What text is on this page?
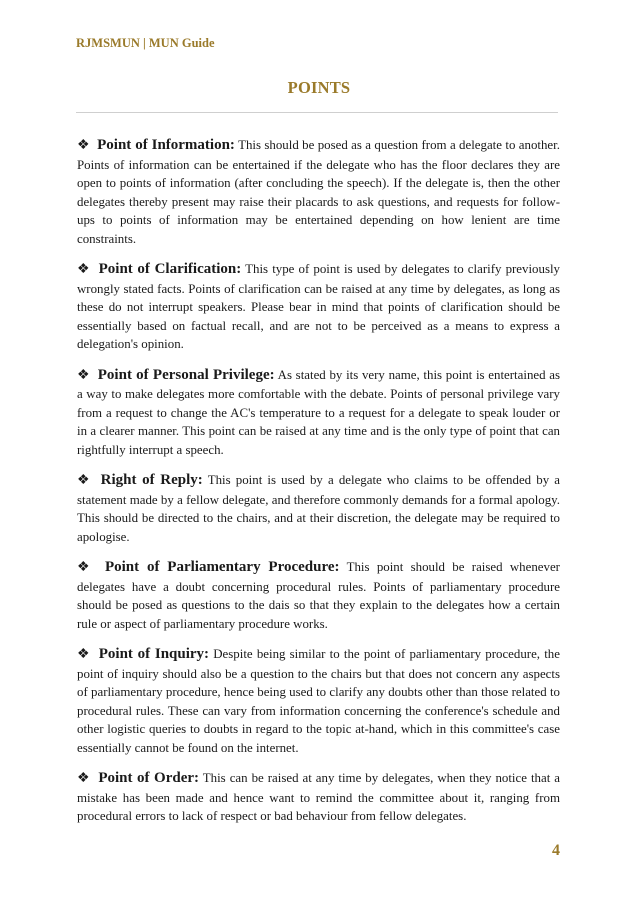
RJMSMUN | MUN Guide
POINTS

❖ Point of Information: This should be posed as a question from a delegate to another. Points of information can be entertained if the delegate who has the floor declares they are open to points of information (after concluding the speech). If the delegate is, then the other delegates thereby present may raise their placards to ask questions, and requests for follow-ups to points of information may be entertained depending on how lenient are time constraints.

❖ Point of Clarification: This type of point is used by delegates to clarify previously wrongly stated facts. Points of clarification can be raised at any time by delegates, as long as these do not interrupt speakers. Please bear in mind that points of clarification should be essentially based on factual recall, and are not to be perceived as a means to express a delegation's opinion.

❖ Point of Personal Privilege: As stated by its very name, this point is entertained as a way to make delegates more comfortable with the debate. Points of personal privilege vary from a request to change the AC's temperature to a request for a delegate to speak louder or in a clearer manner. This point can be raised at any time and is the only type of point that can rightfully interrupt a speech.

❖ Right of Reply: This point is used by a delegate who claims to be offended by a statement made by a fellow delegate, and therefore commonly demands for a formal apology. This should be directed to the chairs, and at their discretion, the delegate may be required to apologise.

❖ Point of Parliamentary Procedure: This point should be raised whenever delegates have a doubt concerning procedural rules. Points of parliamentary procedure should be posed as questions to the dais so that they explain to the delegates how a certain rule or aspect of parliamentary procedure works.

❖ Point of Inquiry: Despite being similar to the point of parliamentary procedure, the point of inquiry should also be a question to the chairs but that does not concern any aspects of parliamentary procedure, hence being used to clarify any doubts other than those related to procedural rules. These can vary from information concerning the conference's schedule and other logistic queries to doubts in regard to the topic at-hand, which in this committee's case essentially cannot be found on the internet.

❖ Point of Order: This can be raised at any time by delegates, when they notice that a mistake has been made and hence want to remind the committee about it, ranging from procedural errors to lack of respect or bad behaviour from fellow delegates.

4
